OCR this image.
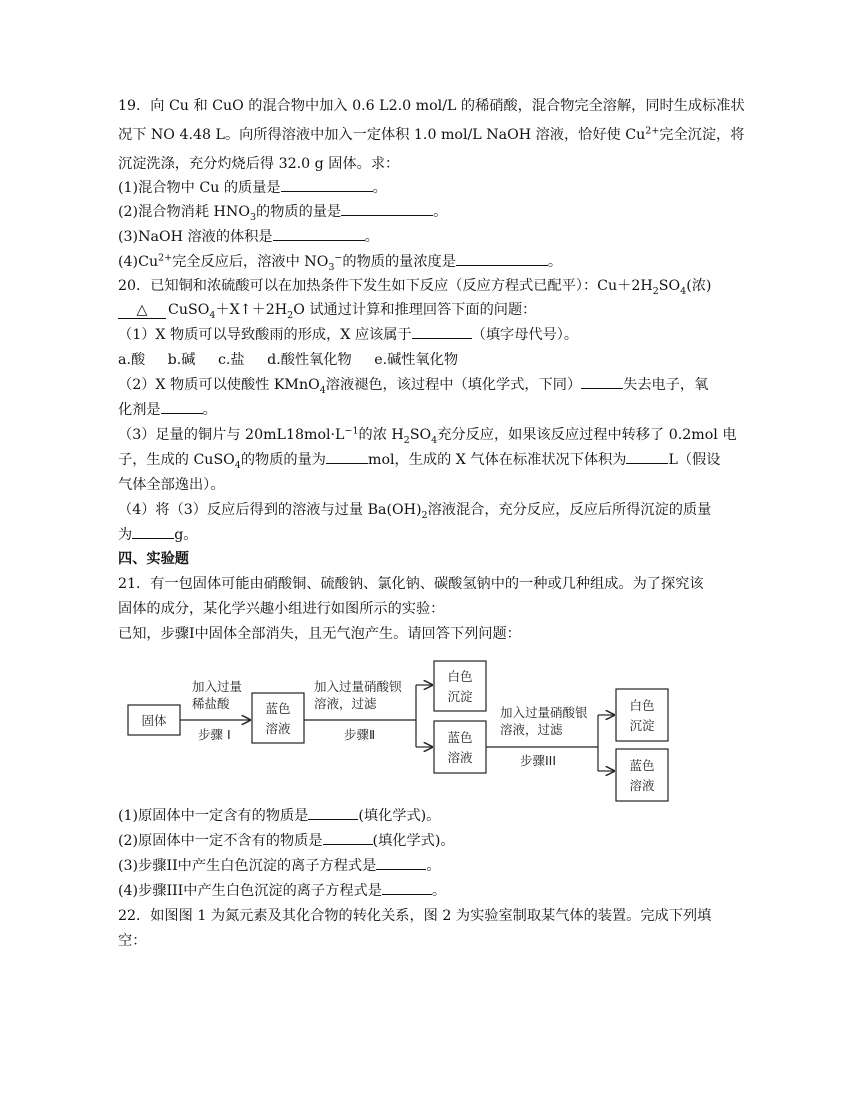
19．向 Cu 和 CuO 的混合物中加入 0.6 L2.0 mol/L 的稀硝酸，混合物完全溶解，同时生成标准状
况下 NO 4.48 L。向所得溶液中加入一定体积 1.0 mol/L NaOH 溶液，恰好使 $Cu^{2+}$完全沉淀，将
沉淀洗涤，充分灼烧后得 32.0 g 固体。求：
(1)混合物中 Cu 的质量是	。
(2)混合物消耗 $HNO_3$的物质的量是	。
(3)NaOH 溶液的体积是	。
$(4)Cu^{2+}$完全反应后，溶液中 $NO_3^-$的物质的量浓度是	。
20．已知铜和浓硫酸可以在加热条件下发生如下反应（反应方程式已配平）：$Cu+2H_2SO_4$(浓)
△ $CuSO_4+X↑+2H_2O$ 试通过计算和推理回答下面的问题：
（1）X 物质可以导致酸雨的形成，X 应该属于	（填字母代号）。
a.酸 b.碱 c.盐 d.酸性氧化物 e.碱性氧化物
（2）X 物质可以使酸性 KMnO$_4$溶液褪色，该过程中（填化学式，下同）	失去电子，氧
化剂是	。
（3）足量的铜片与 $20mL18mol\cdot L^{-1}$的浓 $H_2SO_4$充分反应，如果该反应过程中转移了 0.2mol 电
子，生成的 CuSO$_4$的物质的量为	mol，生成的 X 气体在标准状况下体积为	L（假设
气体全部逸出）。
（4）将（3）反应后得到的溶液与过量 $Ba(OH)_2$溶液混合，充分反应，反应后所得沉淀的质量
为	g。
四、实验题
21．有一包固体可能由硝酸铜、硫酸钠、氯化钠、碳酸氢钠中的一种或几种组成。为了探究该
固体的成分，某化学兴趣小组进行如图所示的实验：
已知，步骤I中固体全部消失，且无气泡产生。请回答下列问题：
固体
加入过量
稀盐酸
步骤 I
蓝色
溶液
加入过量硝酸钡
溶液，过滤
步骤Ⅱ
白色
沉淀
蓝色
溶液
加入过量硝酸银
溶液，过滤
步骤III
白色
沉淀
蓝色
溶液
(1)原固体中一定含有的物质是	(填化学式)。
(2)原固体中一定不含有的物质是	(填化学式)。
(3)步骤II中产生白色沉淀的离子方程式是	。
(4)步骤III中产生白色沉淀的离子方程式是	。
22．如图图 1 为氮元素及其化合物的转化关系，图 2 为实验室制取某气体的装置。完成下列填
空：
